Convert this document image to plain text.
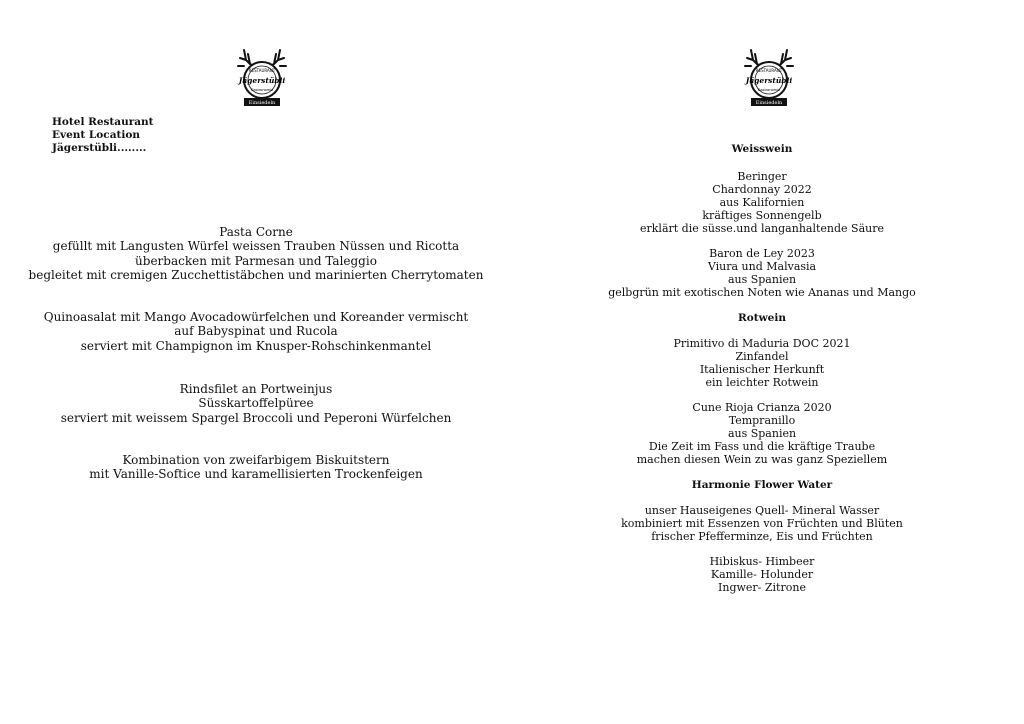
RESTAURANT
Jägerstübli
Gastronomie
Einsiedeln
Hotel Restaurant
Event Location
Jägerstübli........
Pasta Corne
gefüllt mit Langusten Würfel weissen Trauben Nüssen und Ricotta
überbacken mit Parmesan und Taleggio
begleitet mit cremigen Zucchettistäbchen und marinierten Cherrytomaten
Quinoasalat mit Mango Avocadowürfelchen und Koreander vermischt
auf Babyspinat und Rucola
serviert mit Champignon im Knusper-Rohschinkenmantel
Rindsfilet an Portweinjus
Süsskartoffelpüree
serviert mit weissem Spargel Broccoli und Peperoni Würfelchen
Kombination von zweifarbigem Biskuitstern
mit Vanille-Softice und karamellisierten Trockenfeigen
RESTAURANT
Jägerstübli
Gastronomie
Einsiedeln
Weisswein
Beringer
Chardonnay 2022
aus Kalifornien
kräftiges Sonnengelb
erklärt die süsse.und langanhaltende Säure
Baron de Ley 2023
Viura und Malvasia
aus Spanien
gelbgrün mit exotischen Noten wie Ananas und Mango
Rotwein
Primitivo di Maduria DOC 2021
Zinfandel
Italienischer Herkunft
ein leichter Rotwein
Cune Rioja Crianza 2020
Tempranillo
aus Spanien
Die Zeit im Fass und die kräftige Traube
machen diesen Wein zu was ganz Speziellem
Harmonie Flower Water
unser Hauseigenes Quell- Mineral Wasser
kombiniert mit Essenzen von Früchten und Blüten
frischer Pfefferminze, Eis und Früchten
Hibiskus- Himbeer
Kamille- Holunder
Ingwer- Zitrone
